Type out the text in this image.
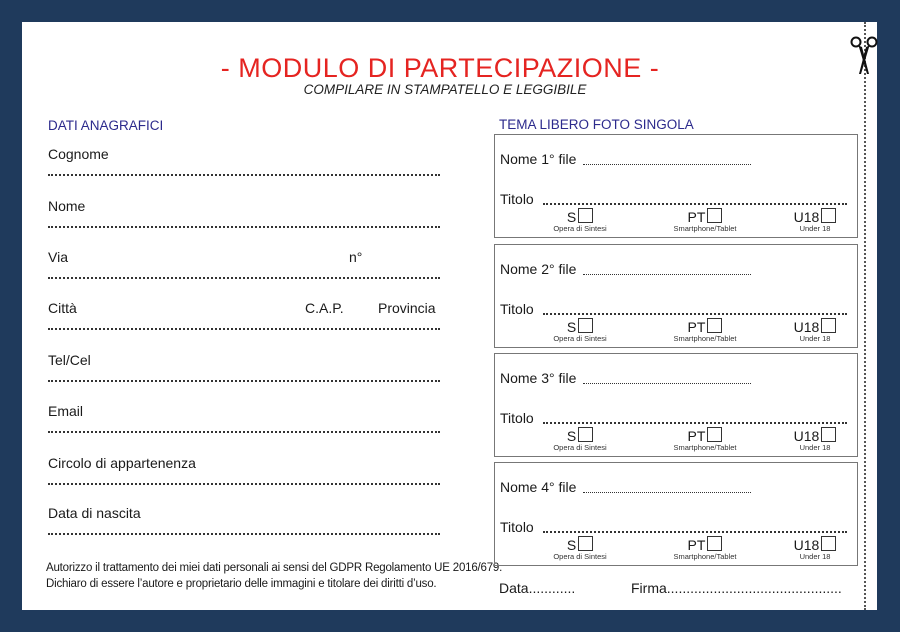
- MODULO DI PARTECIPAZIONE -
COMPILARE IN STAMPATELLO E LEGGIBILE
DATI ANAGRAFICI
Cognome
Nome
Via	n°
Città	C.A.P. Provincia
Tel/Cel
Email
Circolo di appartenenza
Data di nascita
Autorizzo il trattamento dei miei dati personali ai sensi del GDPR Regolamento UE 2016/679.
Dichiaro di essere l’autore e proprietario delle immagini e titolare dei diritti d’uso.
TEMA LIBERO FOTO SINGOLA
Nome 1° file
Titolo
S
Opera di Sintesi
PT
Smartphone/Tablet
U18
Under 18
Nome 2° file
Titolo
S
Opera di Sintesi
PT
Smartphone/Tablet
U18
Under 18
Nome 3° file
Titolo
S
Opera di Sintesi
PT
Smartphone/Tablet
U18
Under 18
Nome 4° file
Titolo
S
Opera di Sintesi
PT
Smartphone/Tablet
U18
Under 18
Data............	Firma.............................................
